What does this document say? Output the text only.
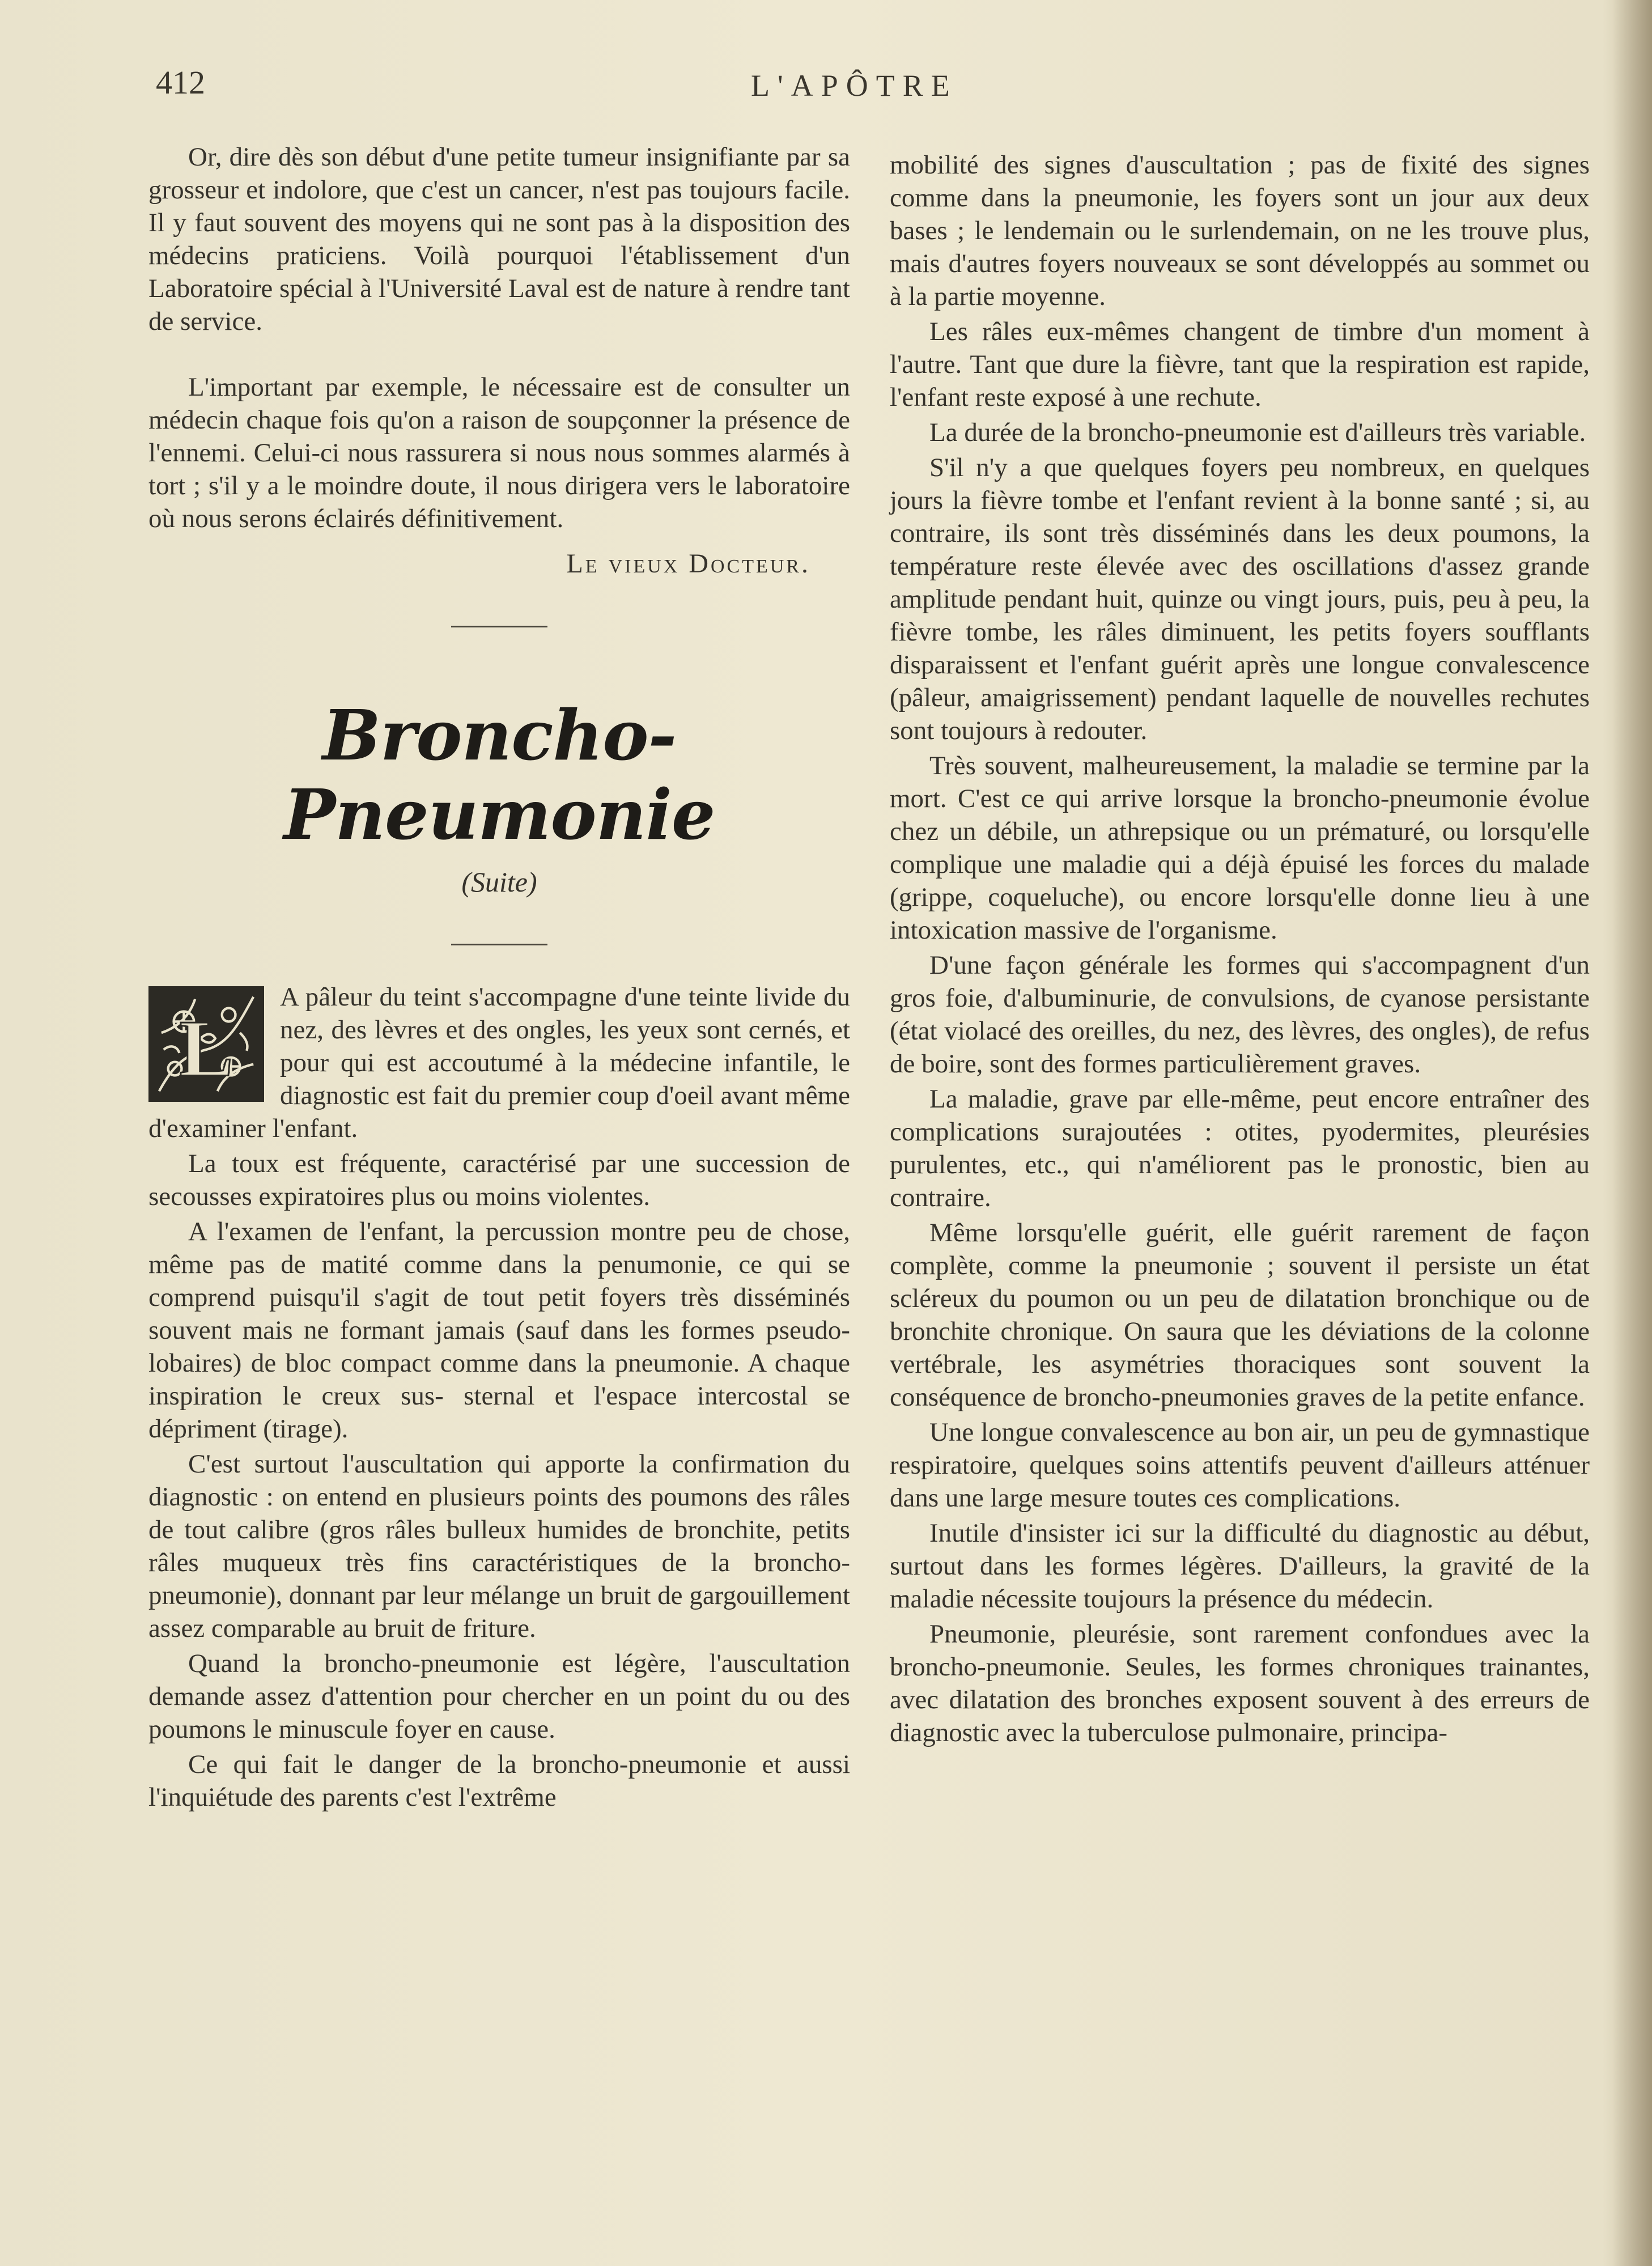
412	L'APÔTRE

Or, dire dès son début d'une petite tumeur insignifiante par sa grosseur et indolore, que c'est un cancer, n'est pas toujours facile. Il y faut souvent des moyens qui ne sont pas à la disposition des médecins praticiens. Voilà pourquoi l'établissement d'un Laboratoire spécial à l'Université Laval est de nature à rendre tant de service.

L'important par exemple, le nécessaire est de consulter un médecin chaque fois qu'on a raison de soupçonner la présence de l'ennemi. Celui-ci nous rassurera si nous nous sommes alarmés à tort ; s'il y a le moindre doute, il nous dirigera vers le laboratoire où nous serons éclairés définitivement.

Le vieux Docteur.
Broncho-Pneumonie
(Suite)

L
A pâleur du teint s'accompagne d'une teinte livide du nez, des lèvres et des ongles, les yeux sont cernés, et pour qui est accoutumé à la médecine infantile, le diagnostic est fait du premier coup d'oeil avant même d'examiner l'enfant.

La toux est fréquente, caractérisé par une succession de secousses expiratoires plus ou moins violentes.

A l'examen de l'enfant, la percussion montre peu de chose, même pas de matité comme dans la penumonie, ce qui se comprend puisqu'il s'agit de tout petit foyers très disséminés souvent mais ne formant jamais (sauf dans les formes pseudo-lobaires) de bloc compact comme dans la pneumonie. A chaque inspiration le creux sus- sternal et l'espace intercostal se dépriment (tirage).

C'est surtout l'auscultation qui apporte la confirmation du diagnostic : on entend en plusieurs points des poumons des râles de tout calibre (gros râles bulleux humides de bronchite, petits râles muqueux très fins caractéristiques de la broncho-pneumonie), donnant par leur mélange un bruit de gargouillement assez comparable au bruit de friture.

Quand la broncho-pneumonie est légère, l'auscultation demande assez d'attention pour chercher en un point du ou des poumons le minuscule foyer en cause.

Ce qui fait le danger de la broncho-pneumonie et aussi l'inquiétude des parents c'est l'extrême

mobilité des signes d'auscultation ; pas de fixité des signes comme dans la pneumonie, les foyers sont un jour aux deux bases ; le lendemain ou le surlendemain, on ne les trouve plus, mais d'autres foyers nouveaux se sont développés au sommet ou à la partie moyenne.

Les râles eux-mêmes changent de timbre d'un moment à l'autre. Tant que dure la fièvre, tant que la respiration est rapide, l'enfant reste exposé à une rechute.

La durée de la broncho-pneumonie est d'ailleurs très variable.

S'il n'y a que quelques foyers peu nombreux, en quelques jours la fièvre tombe et l'enfant revient à la bonne santé ; si, au contraire, ils sont très disséminés dans les deux poumons, la température reste élevée avec des oscillations d'assez grande amplitude pendant huit, quinze ou vingt jours, puis, peu à peu, la fièvre tombe, les râles diminuent, les petits foyers soufflants disparaissent et l'enfant guérit après une longue convalescence (pâleur, amaigrissement) pendant laquelle de nouvelles rechutes sont toujours à redouter.

Très souvent, malheureusement, la maladie se termine par la mort. C'est ce qui arrive lorsque la broncho-pneumonie évolue chez un débile, un athrepsique ou un prématuré, ou lorsqu'elle complique une maladie qui a déjà épuisé les forces du malade (grippe, coqueluche), ou encore lorsqu'elle donne lieu à une intoxication massive de l'organisme.

D'une façon générale les formes qui s'accompagnent d'un gros foie, d'albuminurie, de convulsions, de cyanose persistante (état violacé des oreilles, du nez, des lèvres, des ongles), de refus de boire, sont des formes particulièrement graves.

La maladie, grave par elle-même, peut encore entraîner des complications surajoutées : otites, pyodermites, pleurésies purulentes, etc., qui n'améliorent pas le pronostic, bien au contraire.

Même lorsqu'elle guérit, elle guérit rarement de façon complète, comme la pneumonie ; souvent il persiste un état scléreux du poumon ou un peu de dilatation bronchique ou de bronchite chronique. On saura que les déviations de la colonne vertébrale, les asymétries thoraciques sont souvent la conséquence de broncho-pneumonies graves de la petite enfance.

Une longue convalescence au bon air, un peu de gymnastique respiratoire, quelques soins attentifs peuvent d'ailleurs atténuer dans une large mesure toutes ces complications.

Inutile d'insister ici sur la difficulté du diagnostic au début, surtout dans les formes légères. D'ailleurs, la gravité de la maladie nécessite toujours la présence du médecin.

Pneumonie, pleurésie, sont rarement confondues avec la broncho-pneumonie. Seules, les formes chroniques trainantes, avec dilatation des bronches exposent souvent à des erreurs de diagnostic avec la tuberculose pulmonaire, principa-
